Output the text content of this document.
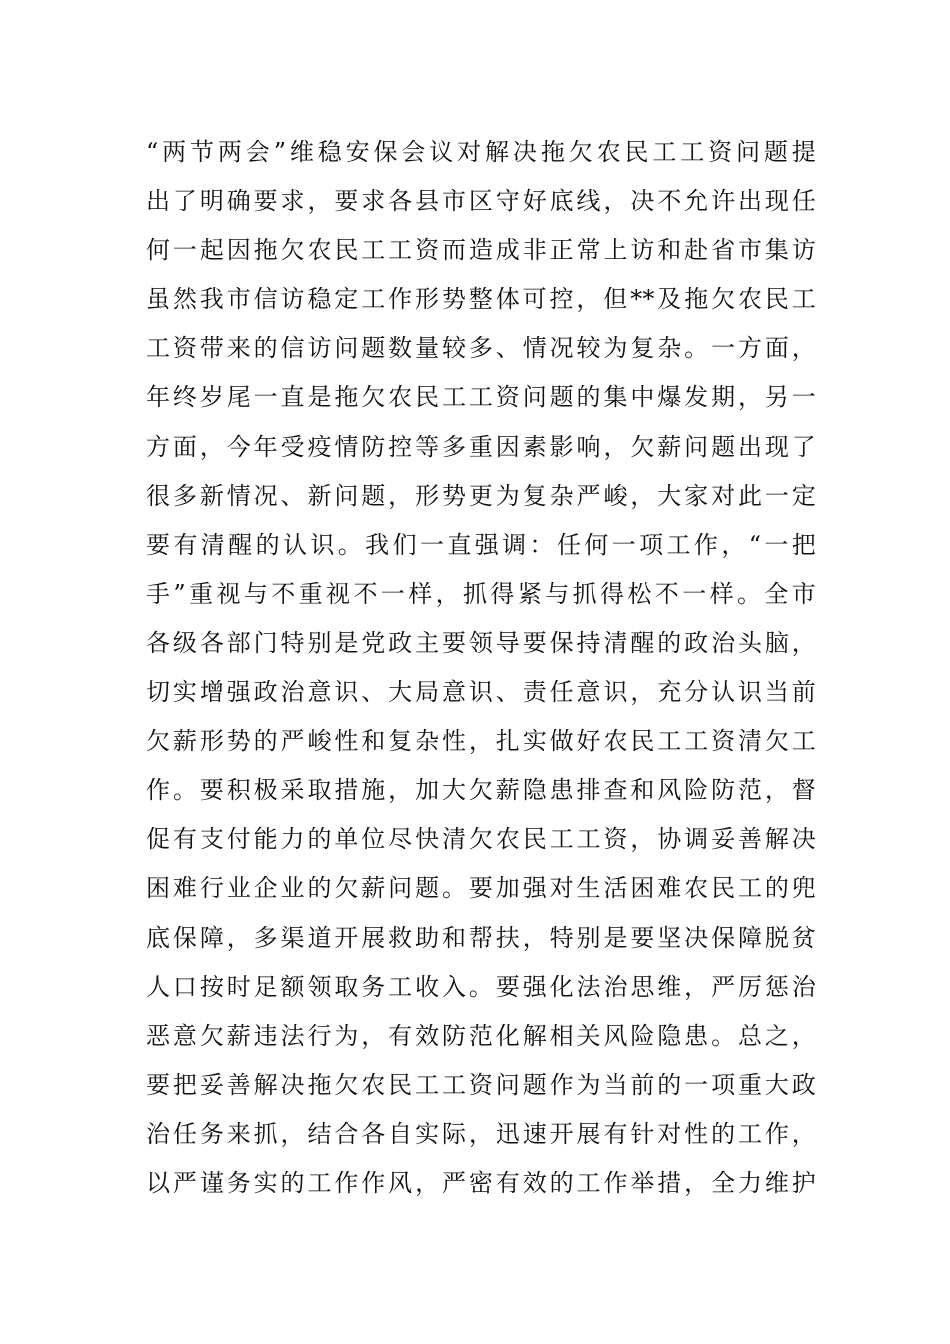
“两节两会”维稳安保会议对解决拖欠农民工工资问题提
出了明确要求，要求各县市区守好底线，决不允许出现任
何一起因拖欠农民工工资而造成非正常上访和赴省市集访
虽然我市信访稳定工作形势整体可控，但**及拖欠农民工
工资带来的信访问题数量较多、情况较为复杂。一方面，
年终岁尾一直是拖欠农民工工资问题的集中爆发期，另一
方面，今年受疫情防控等多重因素影响，欠薪问题出现了
很多新情况、新问题，形势更为复杂严峻，大家对此一定
要有清醒的认识。我们一直强调：任何一项工作，“一把
手”重视与不重视不一样，抓得紧与抓得松不一样。全市
各级各部门特别是党政主要领导要保持清醒的政治头脑，
切实增强政治意识、大局意识、责任意识，充分认识当前
欠薪形势的严峻性和复杂性，扎实做好农民工工资清欠工
作。要积极采取措施，加大欠薪隐患排查和风险防范，督
促有支付能力的单位尽快清欠农民工工资，协调妥善解决
困难行业企业的欠薪问题。要加强对生活困难农民工的兜
底保障，多渠道开展救助和帮扶，特别是要坚决保障脱贫
人口按时足额领取务工收入。要强化法治思维，严厉惩治
恶意欠薪违法行为，有效防范化解相关风险隐患。总之，
要把妥善解决拖欠农民工工资问题作为当前的一项重大政
治任务来抓，结合各自实际，迅速开展有针对性的工作，
以严谨务实的工作作风，严密有效的工作举措，全力维护
